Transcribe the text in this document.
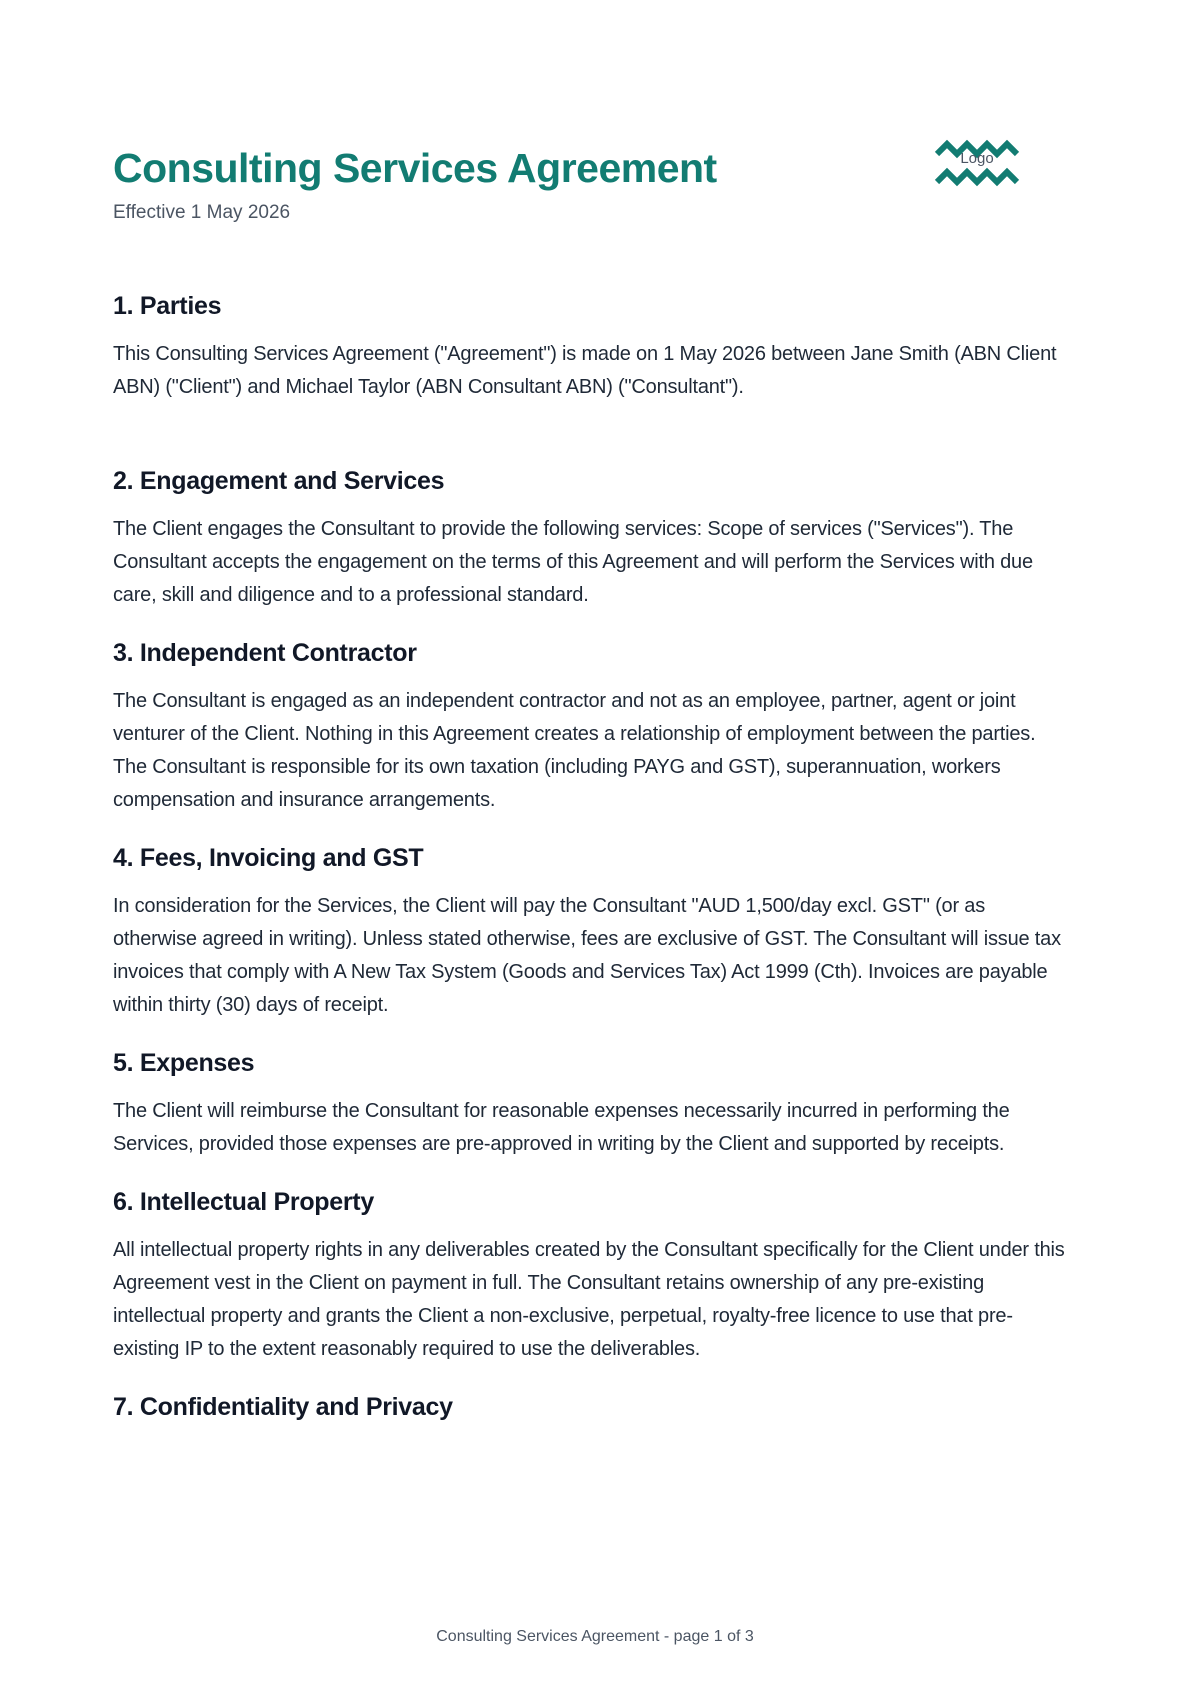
Consulting Services Agreement
Effective 1 May 2026
Logo
1. Parties

This Consulting Services Agreement ("Agreement") is made on 1 May 2026 between Jane Smith (ABN Client ABN) ("Client") and Michael Taylor (ABN Consultant ABN) ("Consultant").

2. Engagement and Services

The Client engages the Consultant to provide the following services: Scope of services ("Services"). The Consultant accepts the engagement on the terms of this Agreement and will perform the Services with due care, skill and diligence and to a professional standard.

3. Independent Contractor

The Consultant is engaged as an independent contractor and not as an employee, partner, agent or joint venturer of the Client. Nothing in this Agreement creates a relationship of employment between the parties. The Consultant is responsible for its own taxation (including PAYG and GST), superannuation, workers compensation and insurance arrangements.

4. Fees, Invoicing and GST

In consideration for the Services, the Client will pay the Consultant "AUD 1,500/day excl. GST" (or as otherwise agreed in writing). Unless stated otherwise, fees are exclusive of GST. The Consultant will issue tax invoices that comply with A New Tax System (Goods and Services Tax) Act 1999 (Cth). Invoices are payable within thirty (30) days of receipt.

5. Expenses

The Client will reimburse the Consultant for reasonable expenses necessarily incurred in performing the Services, provided those expenses are pre-approved in writing by the Client and supported by receipts.

6. Intellectual Property

All intellectual property rights in any deliverables created by the Consultant specifically for the Client under this Agreement vest in the Client on payment in full. The Consultant retains ownership of any pre-existing intellectual property and grants the Client a non-exclusive, perpetual, royalty-free licence to use that pre-existing IP to the extent reasonably required to use the deliverables.

7. Confidentiality and Privacy
Consulting Services Agreement - page 1 of 3
